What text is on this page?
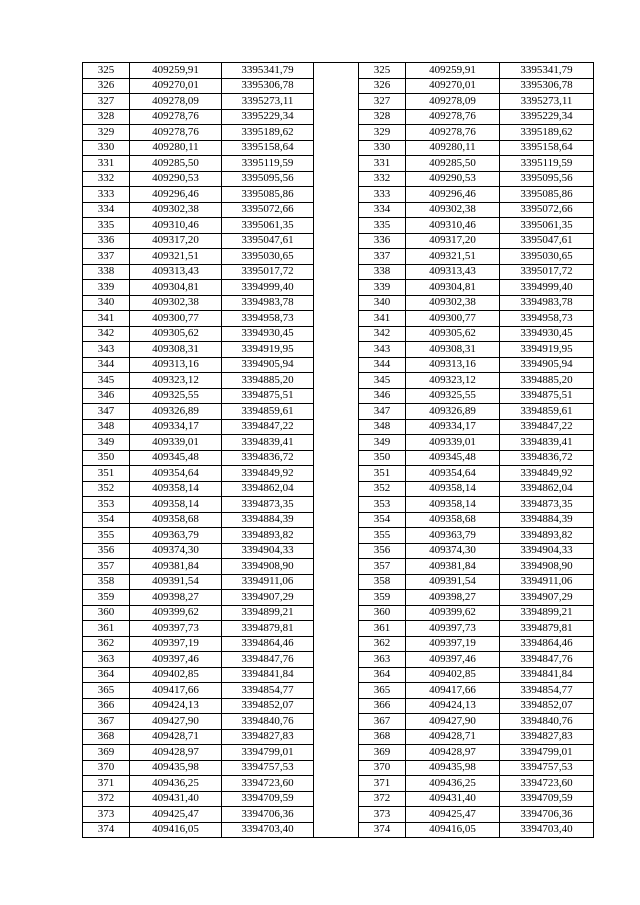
325	409259,91	3395341,79		325	409259,91	3395341,79
326	409270,01	3395306,78		326	409270,01	3395306,78
327	409278,09	3395273,11		327	409278,09	3395273,11
328	409278,76	3395229,34		328	409278,76	3395229,34
329	409278,76	3395189,62		329	409278,76	3395189,62
330	409280,11	3395158,64		330	409280,11	3395158,64
331	409285,50	3395119,59		331	409285,50	3395119,59
332	409290,53	3395095,56		332	409290,53	3395095,56
333	409296,46	3395085,86		333	409296,46	3395085,86
334	409302,38	3395072,66		334	409302,38	3395072,66
335	409310,46	3395061,35		335	409310,46	3395061,35
336	409317,20	3395047,61		336	409317,20	3395047,61
337	409321,51	3395030,65		337	409321,51	3395030,65
338	409313,43	3395017,72		338	409313,43	3395017,72
339	409304,81	3394999,40		339	409304,81	3394999,40
340	409302,38	3394983,78		340	409302,38	3394983,78
341	409300,77	3394958,73		341	409300,77	3394958,73
342	409305,62	3394930,45		342	409305,62	3394930,45
343	409308,31	3394919,95		343	409308,31	3394919,95
344	409313,16	3394905,94		344	409313,16	3394905,94
345	409323,12	3394885,20		345	409323,12	3394885,20
346	409325,55	3394875,51		346	409325,55	3394875,51
347	409326,89	3394859,61		347	409326,89	3394859,61
348	409334,17	3394847,22		348	409334,17	3394847,22
349	409339,01	3394839,41		349	409339,01	3394839,41
350	409345,48	3394836,72		350	409345,48	3394836,72
351	409354,64	3394849,92		351	409354,64	3394849,92
352	409358,14	3394862,04		352	409358,14	3394862,04
353	409358,14	3394873,35		353	409358,14	3394873,35
354	409358,68	3394884,39		354	409358,68	3394884,39
355	409363,79	3394893,82		355	409363,79	3394893,82
356	409374,30	3394904,33		356	409374,30	3394904,33
357	409381,84	3394908,90		357	409381,84	3394908,90
358	409391,54	3394911,06		358	409391,54	3394911,06
359	409398,27	3394907,29		359	409398,27	3394907,29
360	409399,62	3394899,21		360	409399,62	3394899,21
361	409397,73	3394879,81		361	409397,73	3394879,81
362	409397,19	3394864,46		362	409397,19	3394864,46
363	409397,46	3394847,76		363	409397,46	3394847,76
364	409402,85	3394841,84		364	409402,85	3394841,84
365	409417,66	3394854,77		365	409417,66	3394854,77
366	409424,13	3394852,07		366	409424,13	3394852,07
367	409427,90	3394840,76		367	409427,90	3394840,76
368	409428,71	3394827,83		368	409428,71	3394827,83
369	409428,97	3394799,01		369	409428,97	3394799,01
370	409435,98	3394757,53		370	409435,98	3394757,53
371	409436,25	3394723,60		371	409436,25	3394723,60
372	409431,40	3394709,59		372	409431,40	3394709,59
373	409425,47	3394706,36		373	409425,47	3394706,36
374	409416,05	3394703,40		374	409416,05	3394703,40
